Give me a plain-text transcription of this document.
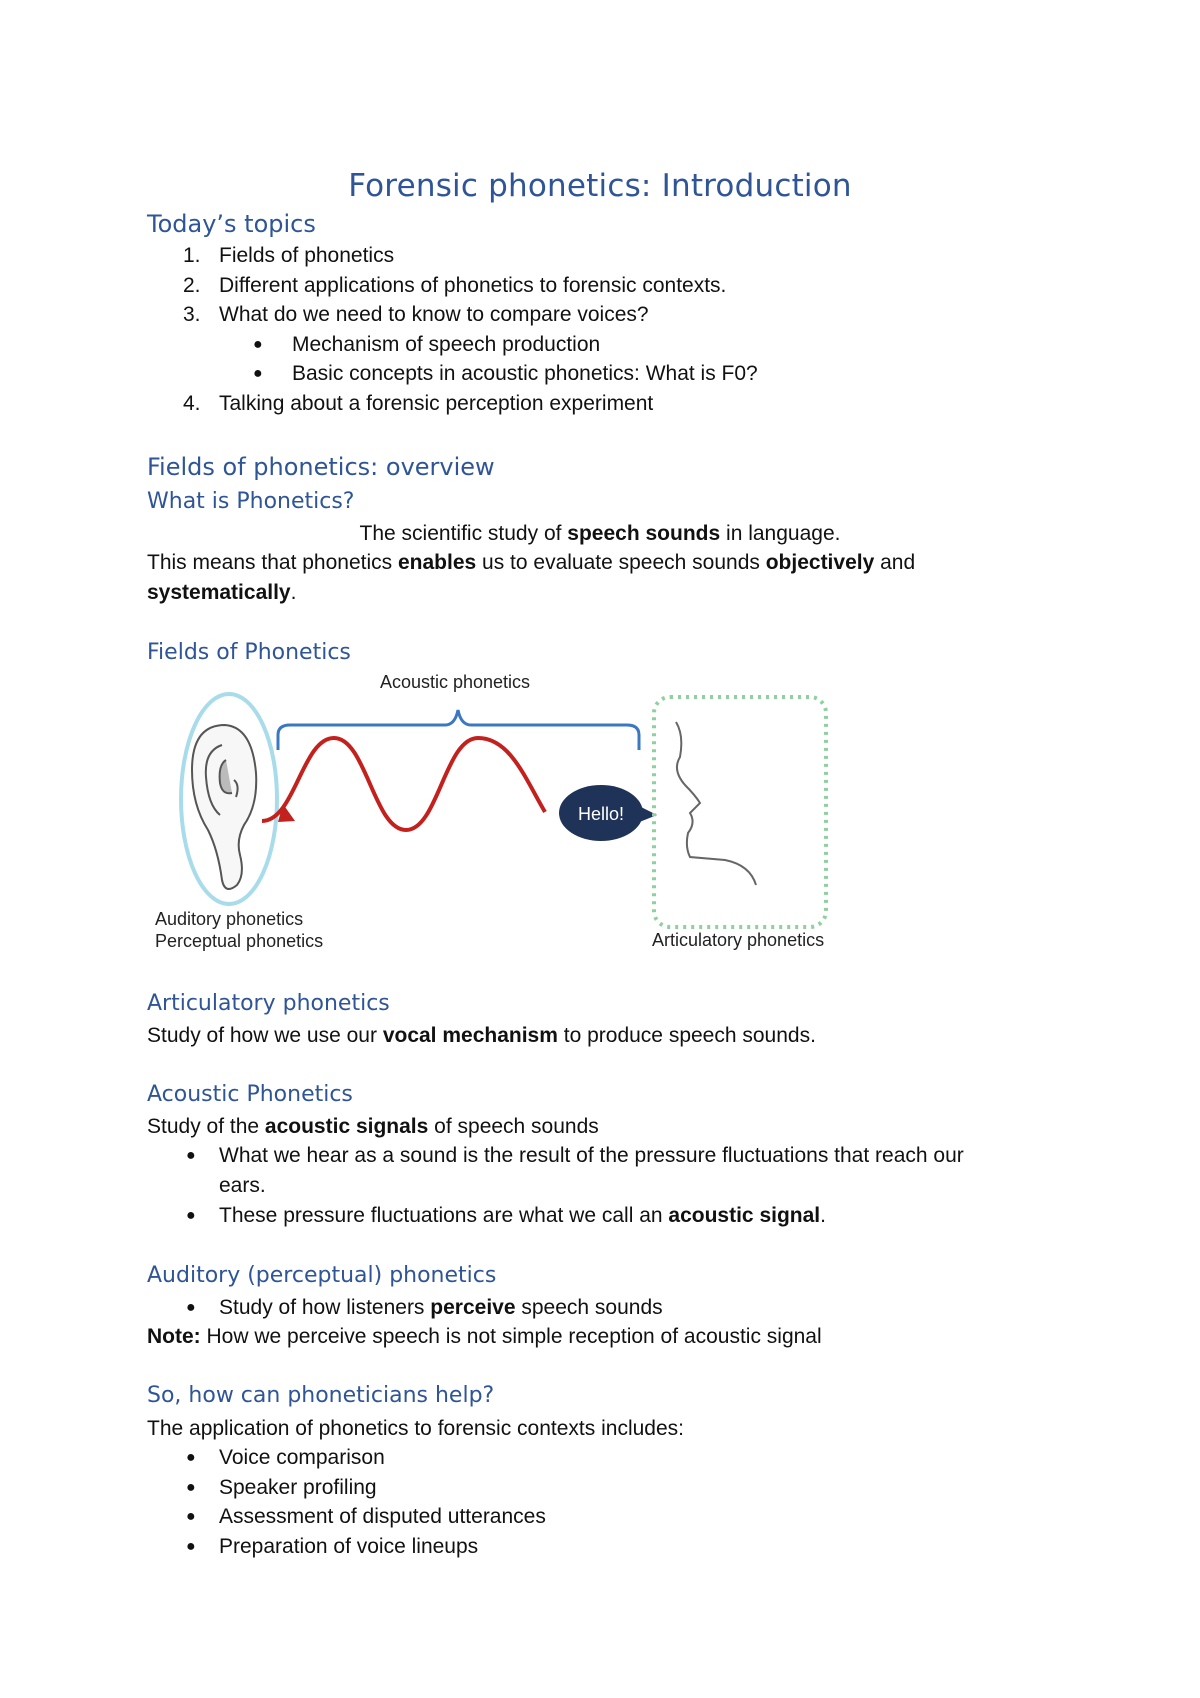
Forensic phonetics: Introduction
Today’s topics
1. Fields of phonetics
2. Different applications of phonetics to forensic contexts.
3. What do we need to know to compare voices?
● Mechanism of speech production
● Basic concepts in acoustic phonetics: What is F0?
4. Talking about a forensic perception experiment
Fields of phonetics: overview
What is Phonetics?
The scientific study of speech sounds in language.
This means that phonetics enables us to evaluate speech sounds objectively and
systematically.
Fields of Phonetics
Acoustic phonetics
Hello!
Auditory phonetics
Perceptual phonetics	Articulatory phonetics
Articulatory phonetics
Study of how we use our vocal mechanism to produce speech sounds.
Acoustic Phonetics
Study of the acoustic signals of speech sounds
● What we hear as a sound is the result of the pressure fluctuations that reach our
ears.
● These pressure fluctuations are what we call an acoustic signal.
Auditory (perceptual) phonetics
● Study of how listeners perceive speech sounds
Note: How we perceive speech is not simple reception of acoustic signal
So, how can phoneticians help?
The application of phonetics to forensic contexts includes:
● Voice comparison
● Speaker profiling
● Assessment of disputed utterances
● Preparation of voice lineups
